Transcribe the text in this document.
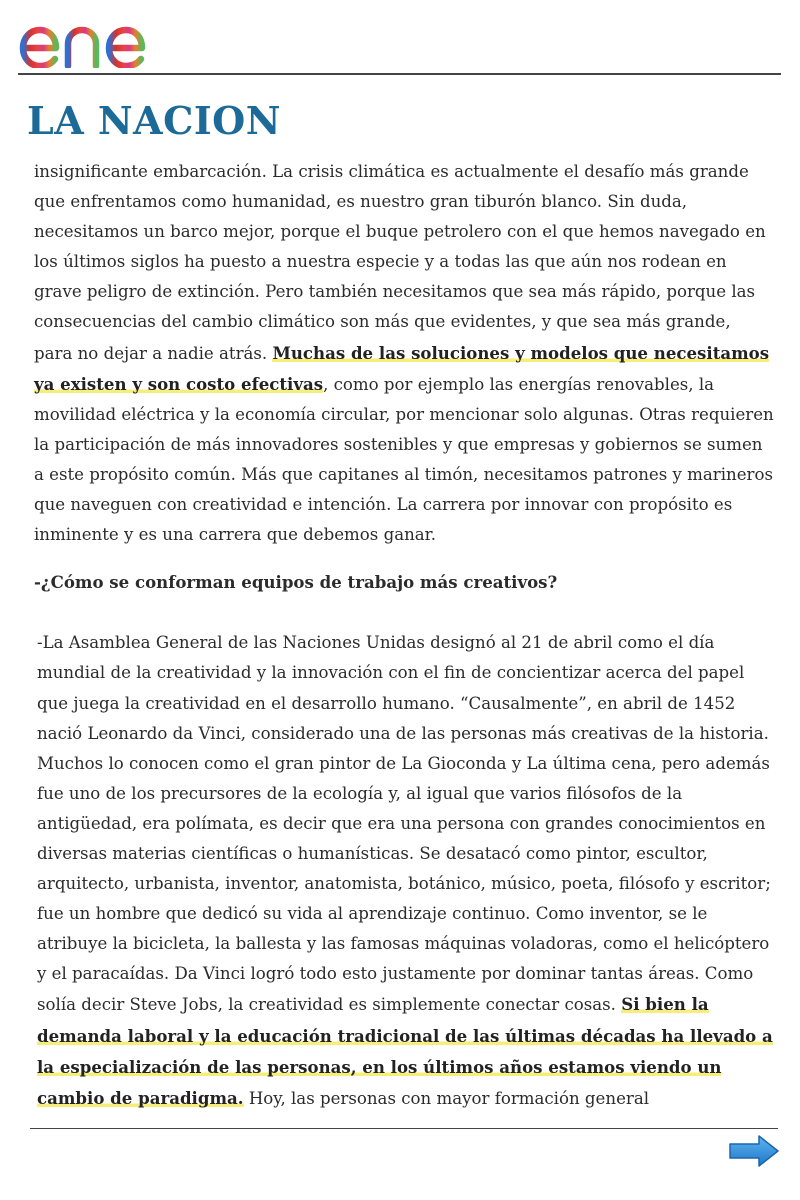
LA NACION

insignificante embarcación. La crisis climática es actualmente el desafío más grande que enfrentamos como humanidad, es nuestro gran tiburón blanco. Sin duda, necesitamos un barco mejor, porque el buque petrolero con el que hemos navegado en los últimos siglos ha puesto a nuestra especie y a todas las que aún nos rodean en grave peligro de extinción. Pero también necesitamos que sea más rápido, porque las consecuencias del cambio climático son más que evidentes, y que sea más grande, para no dejar a nadie atrás. Muchas de las soluciones y modelos que necesitamos ya existen y son costo efectivas, como por ejemplo las energías renovables, la movilidad eléctrica y la economía circular, por mencionar solo algunas. Otras requieren la participación de más innovadores sostenibles y que empresas y gobiernos se sumen a este propósito común. Más que capitanes al timón, necesitamos patrones y marineros que naveguen con creatividad e intención. La carrera por innovar con propósito es inminente y es una carrera que debemos ganar.

-¿Cómo se conforman equipos de trabajo más creativos?

-La Asamblea General de las Naciones Unidas designó al 21 de abril como el día mundial de la creatividad y la innovación con el fin de concientizar acerca del papel que juega la creatividad en el desarrollo humano. “Causalmente”, en abril de 1452 nació Leonardo da Vinci, considerado una de las personas más creativas de la historia. Muchos lo conocen como el gran pintor de La Gioconda y La última cena, pero además fue uno de los precursores de la ecología y, al igual que varios filósofos de la antigüedad, era polímata, es decir que era una persona con grandes conocimientos en diversas materias científicas o humanísticas. Se desatacó como pintor, escultor, arquitecto, urbanista, inventor, anatomista, botánico, músico, poeta, filósofo y escritor; fue un hombre que dedicó su vida al aprendizaje continuo. Como inventor, se le atribuye la bicicleta, la ballesta y las famosas máquinas voladoras, como el helicóptero y el paracaídas. Da Vinci logró todo esto justamente por dominar tantas áreas. Como solía decir Steve Jobs, la creatividad es simplemente conectar cosas. Si bien la demanda laboral y la educación tradicional de las últimas décadas ha llevado a la especialización de las personas, en los últimos años estamos viendo un cambio de paradigma. Hoy, las personas con mayor formación general
